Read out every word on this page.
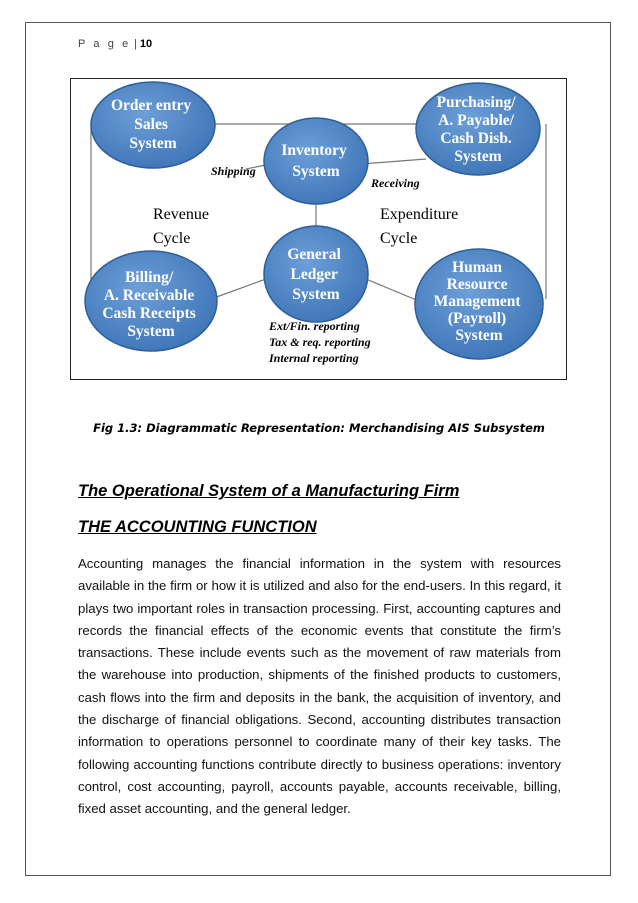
P a g e | 10
Order entry Sales System	Inventory System
Purchasing/ A. Payable/ Cash Disb. System
General Ledger System
Billing/ A. Receivable Cash Receipts System
Human Resource Management (Payroll) System
Shipping
Receiving
Ext/Fin. reporting Tax & req. reporting Internal reporting
Revenue Cycle
Expenditure Cycle
Fig 1.3: Diagrammatic Representation: Merchandising AIS Subsystem
The Operational System of a Manufacturing Firm
THE ACCOUNTING FUNCTION

Accounting manages the financial information in the system with resources available in the firm or how it is utilized and also for the end-users. In this regard, it plays two important roles in transaction processing. First, accounting captures and records the financial effects of the economic events that constitute the firm’s transactions. These include events such as the movement of raw materials from the warehouse into production, shipments of the finished products to customers, cash flows into the firm and deposits in the bank, the acquisition of inventory, and the discharge of financial obligations. Second, accounting distributes transaction information to operations personnel to coordinate many of their key tasks. The following accounting functions contribute directly to business operations: inventory control, cost accounting, payroll, accounts payable, accounts receivable, billing, fixed asset accounting, and the general ledger.
